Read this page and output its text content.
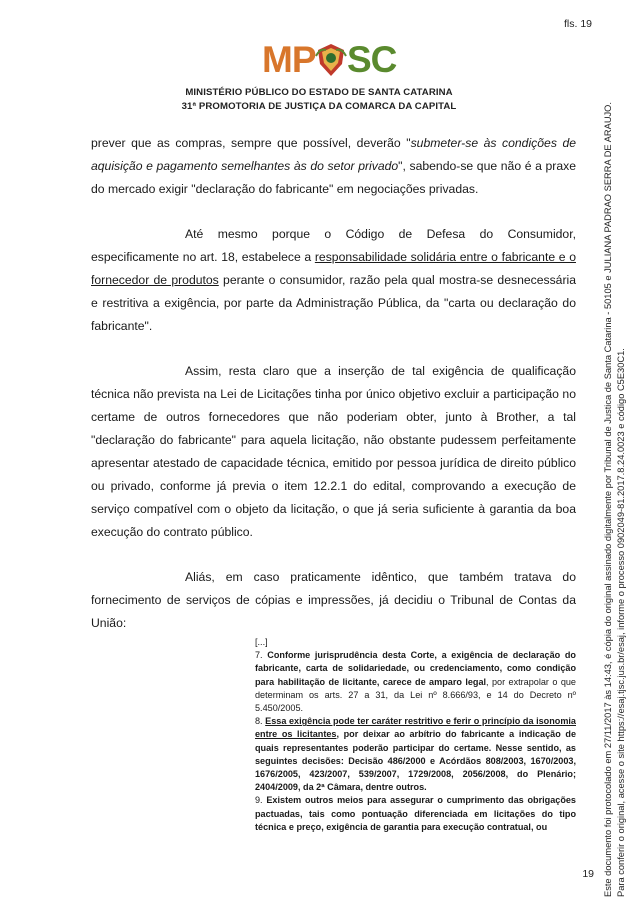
fls. 19
MP SC
MINISTÉRIO PÚBLICO DO ESTADO DE SANTA CATARINA
31ª PROMOTORIA DE JUSTIÇA DA COMARCA DA CAPITAL

prever que as compras, sempre que possível, deverão "submeter-se às condições de aquisição e pagamento semelhantes às do setor privado", sabendo-se que não é a praxe do mercado exigir "declaração do fabricante" em negociações privadas.

Até mesmo porque o Código de Defesa do Consumidor, especificamente no art. 18, estabelece a responsabilidade solidária entre o fabricante e o fornecedor de produtos perante o consumidor, razão pela qual mostra-se desnecessária e restritiva a exigência, por parte da Administração Pública, da "carta ou declaração do fabricante".

Assim, resta claro que a inserção de tal exigência de qualificação técnica não prevista na Lei de Licitações tinha por único objetivo excluir a participação no certame de outros fornecedores que não poderiam obter, junto à Brother, a tal "declaração do fabricante" para aquela licitação, não obstante pudessem perfeitamente apresentar atestado de capacidade técnica, emitido por pessoa jurídica de direito público ou privado, conforme já previa o item 12.2.1 do edital, comprovando a execução de serviço compatível com o objeto da licitação, o que já seria suficiente à garantia da boa execução do contrato público.

Aliás, em caso praticamente idêntico, que também tratava do fornecimento de serviços de cópias e impressões, já decidiu o Tribunal de Contas da União:

[...]

7. Conforme jurisprudência desta Corte, a exigência de declaração do fabricante, carta de solidariedade, ou credenciamento, como condição para habilitação de licitante, carece de amparo legal, por extrapolar o que determinam os arts. 27 a 31, da Lei nº 8.666/93, e 14 do Decreto nº 5.450/2005.

8. Essa exigência pode ter caráter restritivo e ferir o princípio da isonomia entre os licitantes, por deixar ao arbítrio do fabricante a indicação de quais representantes poderão participar do certame. Nesse sentido, as seguintes decisões: Decisão 486/2000 e Acórdãos 808/2003, 1670/2003, 1676/2005, 423/2007, 539/2007, 1729/2008, 2056/2008, do Plenário; 2404/2009, da 2ª Câmara, dentre outros.

9. Existem outros meios para assegurar o cumprimento das obrigações pactuadas, tais como pontuação diferenciada em licitações do tipo técnica e preço, exigência de garantia para execução contratual, ou

19 Este documento foi protocolado em 27/11/2017 às 14:43, é cópia do original assinado digitalmente por Tribunal de Justica de Santa Catarina - 50105 e JULIANA PADRAO SERRA DE ARAUJO. Para conferir o original, acesse o site https://esaj.tjsc.jus.br/esaj, informe o processo 0902049-81.2017.8.24.0023 e código C5E30C1.
